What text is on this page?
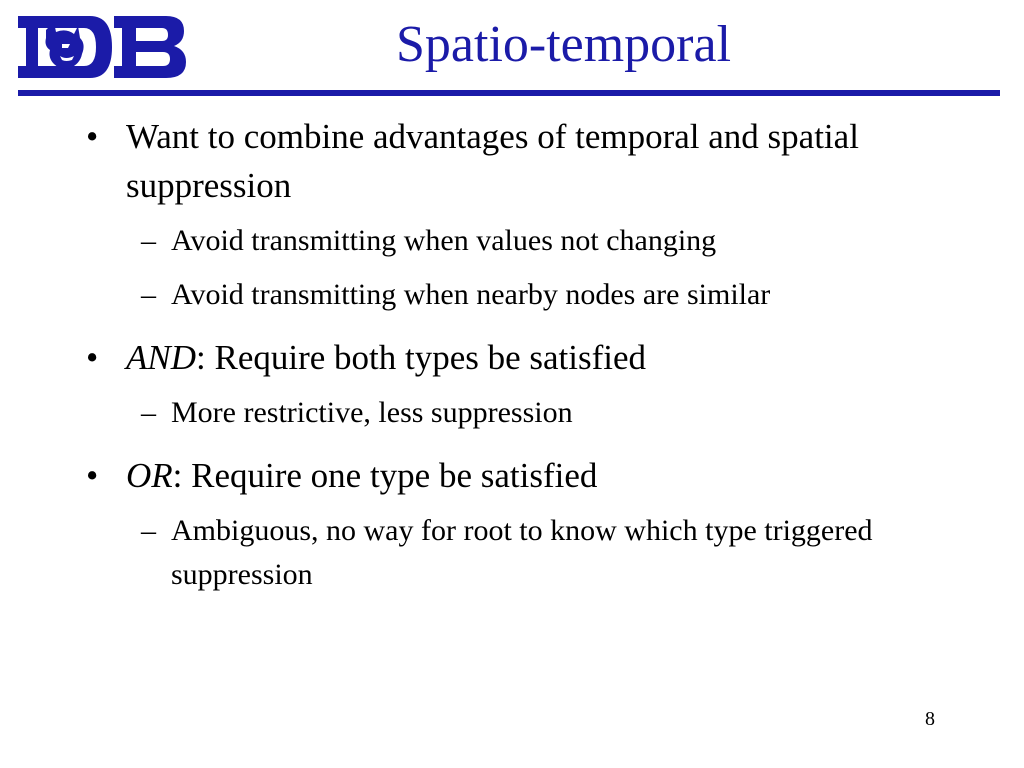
Spatio-temporal
• Want to combine advantages of temporal and spatial suppression
– Avoid transmitting when values not changing
– Avoid transmitting when nearby nodes are similar
• AND: Require both types be satisfied
– More restrictive, less suppression
• OR: Require one type be satisfied
– Ambiguous, no way for root to know which type triggered suppression
8
